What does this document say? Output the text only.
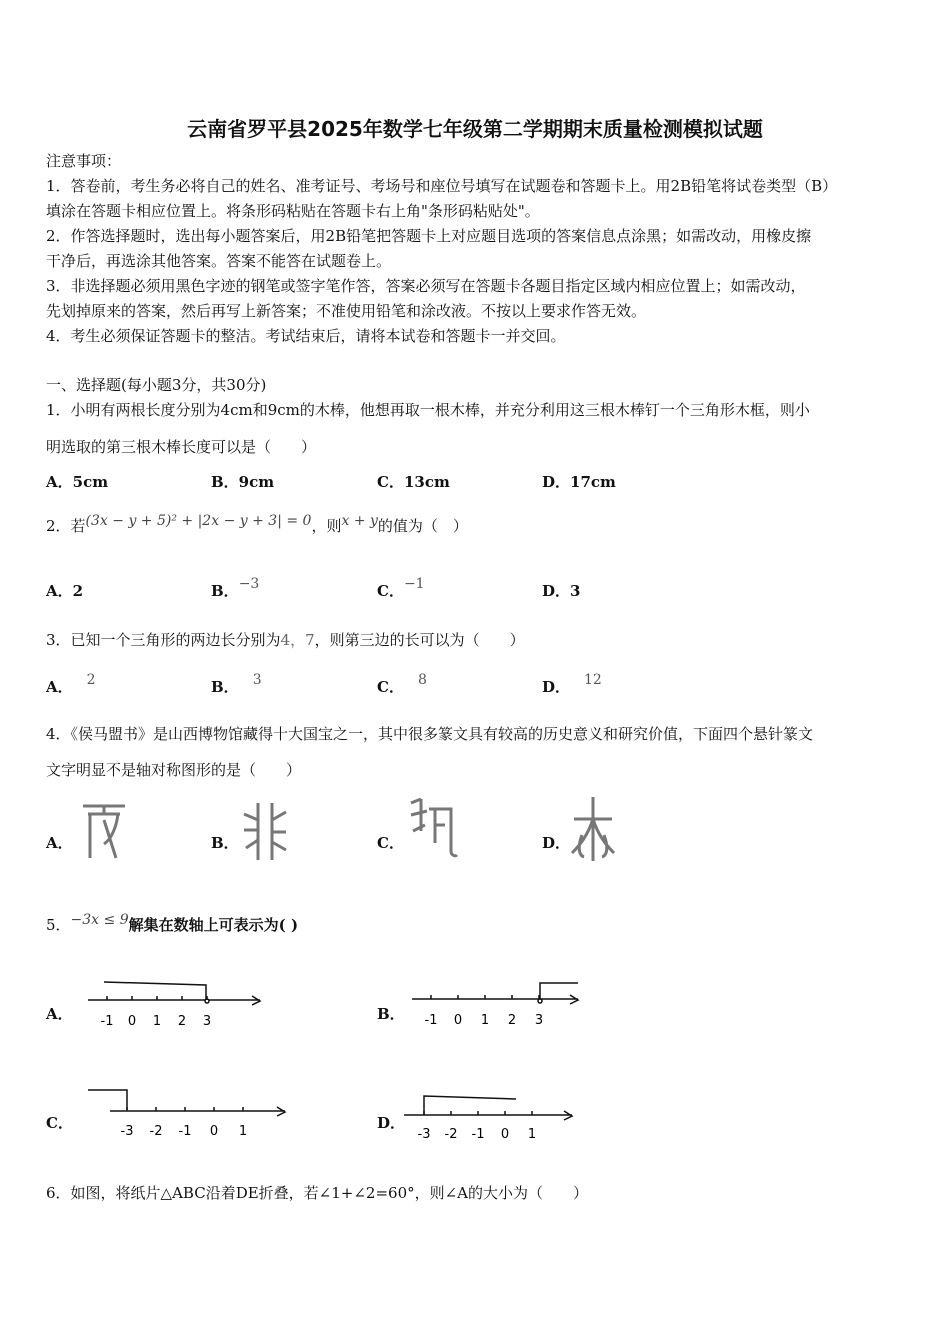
云南省罗平县2025年数学七年级第二学期期末质量检测模拟试题
注意事项：
1．答卷前，考生务必将自己的姓名、准考证号、考场号和座位号填写在试题卷和答题卡上。用2B铅笔将试卷类型（B）
填涂在答题卡相应位置上。将条形码粘贴在答题卡右上角"条形码粘贴处"。
2．作答选择题时，选出每小题答案后，用2B铅笔把答题卡上对应题目选项的答案信息点涂黑；如需改动，用橡皮擦
干净后，再选涂其他答案。答案不能答在试题卷上。
3．非选择题必须用黑色字迹的钢笔或签字笔作答，答案必须写在答题卡各题目指定区域内相应位置上；如需改动，
先划掉原来的答案，然后再写上新答案；不准使用铅笔和涂改液。不按以上要求作答无效。
4．考生必须保证答题卡的整洁。考试结束后，请将本试卷和答题卡一并交回。
一、选择题(每小题3分，共30分)
1．小明有两根长度分别为4cm和9cm的木棒，他想再取一根木棒，并充分利用这三根木棒钉一个三角形木框，则小
明选取的第三根木棒长度可以是（　　）
A．5cm	B．9cm	C．13cm	D．17cm
2．若(3x − y + 5)² + |2x − y + 3| = 0，则x + y的值为（　）
A．2	B．−3	C．−1	D．3
3．已知一个三角形的两边长分别为4，7，则第三边的长可以为（　　）
A． 2	B． 3	C． 8	D． 12
4．《侯马盟书》是山西博物馆藏得十大国宝之一，其中很多篆文具有较高的历史意义和研究价值，下面四个悬针篆文
文字明显不是轴对称图形的是（　　）
A．	B．	C．	D．
5．−3x ≤ 9解集在数轴上可表示为( )
A．	B．
C．	D．
-1 0 1 2 3	-1 0 1 2 3
-3 -2 -1 0 1	-3 -2 -1 0 1
6．如图，将纸片△ABC沿着DE折叠，若∠1+∠2=60°，则∠A的大小为（　　）
